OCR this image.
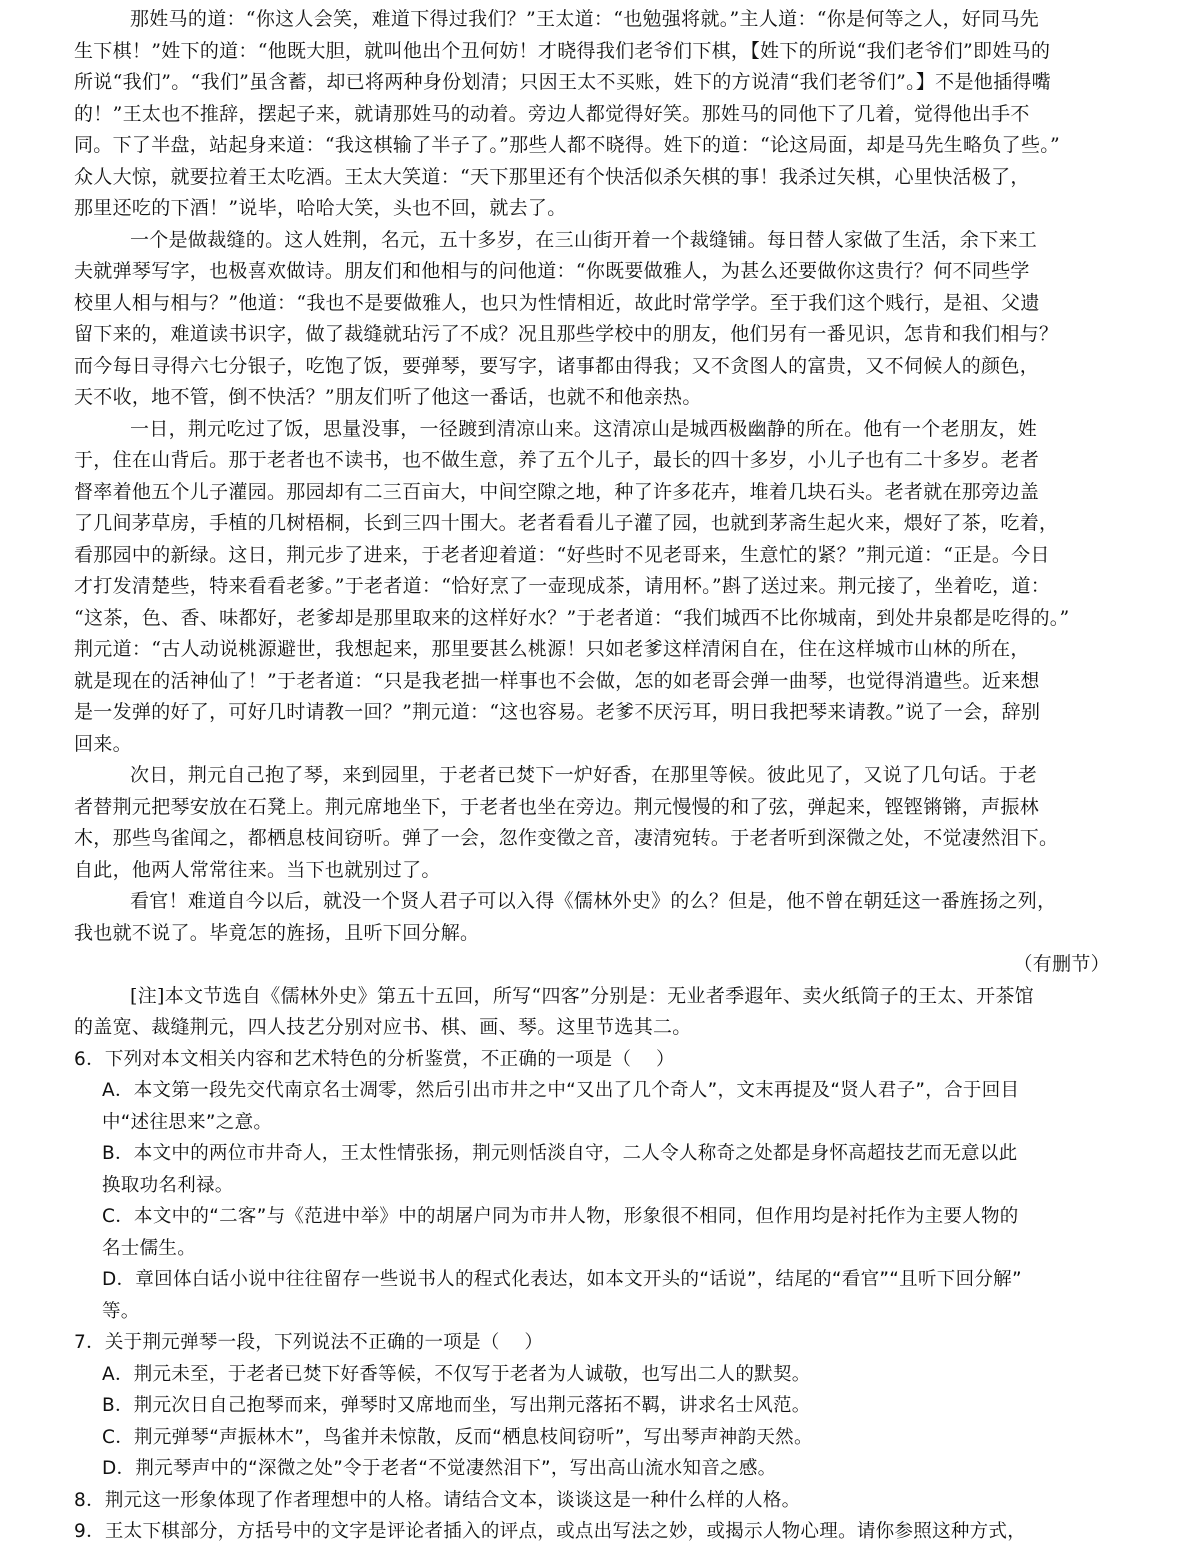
那姓马的道：“你这人会笑，难道下得过我们？”王太道：“也勉强将就。”主人道：“你是何等之人，好同马先
生下棋！”姓下的道：“他既大胆，就叫他出个丑何妨！才晓得我们老爷们下棋，【姓下的所说“我们老爷们”即姓马的
所说“我们”。“我们”虽含蓄，却已将两种身份划清；只因王太不买账，姓下的方说清“我们老爷们”。】不是他插得嘴
的！”王太也不推辞，摆起子来，就请那姓马的动着。旁边人都觉得好笑。那姓马的同他下了几着，觉得他出手不
同。下了半盘，站起身来道：“我这棋输了半子了。”那些人都不晓得。姓下的道：“论这局面，却是马先生略负了些。”
众人大惊，就要拉着王太吃酒。王太大笑道：“天下那里还有个快活似杀矢棋的事！我杀过矢棋，心里快活极了，
那里还吃的下酒！”说毕，哈哈大笑，头也不回，就去了。
一个是做裁缝的。这人姓荆，名元，五十多岁，在三山街开着一个裁缝铺。每日替人家做了生活，余下来工
夫就弹琴写字，也极喜欢做诗。朋友们和他相与的问他道：“你既要做雅人，为甚么还要做你这贵行？何不同些学
校里人相与相与？”他道：“我也不是要做雅人，也只为性情相近，故此时常学学。至于我们这个贱行，是祖、父遗
留下来的，难道读书识字，做了裁缝就玷污了不成？况且那些学校中的朋友，他们另有一番见识，怎肯和我们相与？
而今每日寻得六七分银子，吃饱了饭，要弹琴，要写字，诸事都由得我；又不贪图人的富贵，又不伺候人的颜色，
天不收，地不管，倒不快活？”朋友们听了他这一番话，也就不和他亲热。
一日，荆元吃过了饭，思量没事，一径踱到清凉山来。这清凉山是城西极幽静的所在。他有一个老朋友，姓
于，住在山背后。那于老者也不读书，也不做生意，养了五个儿子，最长的四十多岁，小儿子也有二十多岁。老者
督率着他五个儿子灌园。那园却有二三百亩大，中间空隙之地，种了许多花卉，堆着几块石头。老者就在那旁边盖
了几间茅草房，手植的几树梧桐，长到三四十围大。老者看看儿子灌了园，也就到茅斋生起火来，煨好了茶，吃着，
看那园中的新绿。这日，荆元步了进来，于老者迎着道：“好些时不见老哥来，生意忙的紧？”荆元道：“正是。今日
才打发清楚些，特来看看老爹。”于老者道：“恰好烹了一壶现成茶，请用杯。”斟了送过来。荆元接了，坐着吃，道：
“这茶，色、香、味都好，老爹却是那里取来的这样好水？”于老者道：“我们城西不比你城南，到处井泉都是吃得的。”
荆元道：“古人动说桃源避世，我想起来，那里要甚么桃源！只如老爹这样清闲自在，住在这样城市山林的所在，
就是现在的活神仙了！”于老者道：“只是我老拙一样事也不会做，怎的如老哥会弹一曲琴，也觉得消遣些。近来想
是一发弹的好了，可好几时请教一回？”荆元道：“这也容易。老爹不厌污耳，明日我把琴来请教。”说了一会，辞别
回来。
次日，荆元自己抱了琴，来到园里，于老者已焚下一炉好香，在那里等候。彼此见了，又说了几句话。于老
者替荆元把琴安放在石凳上。荆元席地坐下，于老者也坐在旁边。荆元慢慢的和了弦，弹起来，铿铿锵锵，声振林
木，那些鸟雀闻之，都栖息枝间窃听。弹了一会，忽作变徵之音，凄清宛转。于老者听到深微之处，不觉凄然泪下。
自此，他两人常常往来。当下也就别过了。
看官！难道自今以后，就没一个贤人君子可以入得《儒林外史》的么？但是，他不曾在朝廷这一番旌扬之列，
我也就不说了。毕竟怎的旌扬，且听下回分解。
（有删节）
[注]本文节选自《儒林外史》第五十五回，所写“四客”分别是：无业者季遐年、卖火纸筒子的王太、开茶馆
的盖宽、裁缝荆元，四人技艺分别对应书、棋、画、琴。这里节选其二。
6．下列对本文相关内容和艺术特色的分析鉴赏，不正确的一项是（    ）
A．本文第一段先交代南京名士凋零，然后引出市井之中“又出了几个奇人”，文末再提及“贤人君子”，合于回目
中“述往思来”之意。
B．本文中的两位市井奇人，王太性情张扬，荆元则恬淡自守，二人令人称奇之处都是身怀高超技艺而无意以此
换取功名利禄。
C．本文中的“二客”与《范进中举》中的胡屠户同为市井人物，形象很不相同，但作用均是衬托作为主要人物的
名士儒生。
D．章回体白话小说中往往留存一些说书人的程式化表达，如本文开头的“话说”，结尾的“看官”“且听下回分解”
等。
7．关于荆元弹琴一段，下列说法不正确的一项是（    ）
A．荆元未至，于老者已焚下好香等候，不仅写于老者为人诚敬，也写出二人的默契。
B．荆元次日自己抱琴而来，弹琴时又席地而坐，写出荆元落拓不羁，讲求名士风范。
C．荆元弹琴“声振林木”，鸟雀并未惊散，反而“栖息枝间窃听”，写出琴声神韵天然。
D．荆元琴声中的“深微之处”令于老者“不觉凄然泪下”，写出高山流水知音之感。
8．荆元这一形象体现了作者理想中的人格。请结合文本，谈谈这是一种什么样的人格。
9．王太下棋部分，方括号中的文字是评论者插入的评点，或点出写法之妙，或揭示人物心理。请你参照这种方式，
